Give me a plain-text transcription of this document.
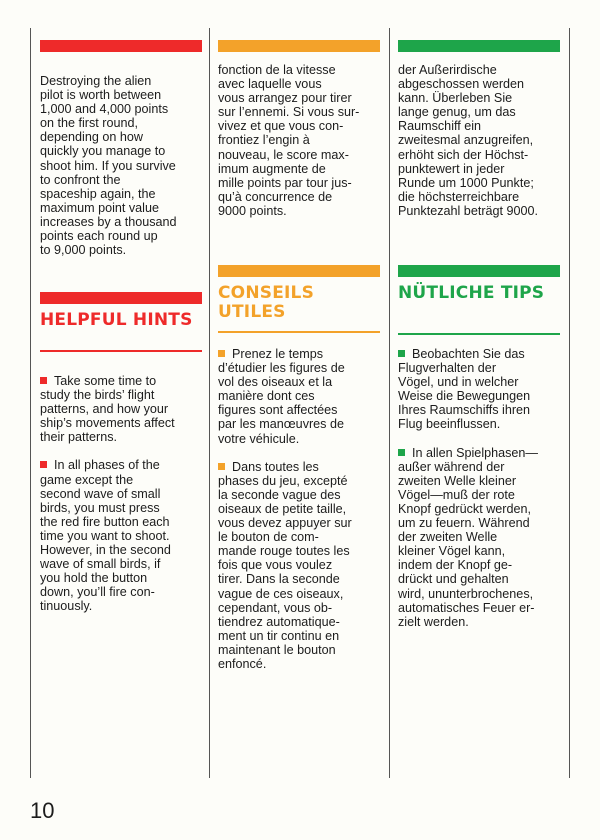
Destroying the alien
pilot is worth between
1,000 and 4,000 points
on the first round,
depending on how
quickly you manage to
shoot him. If you survive
to confront the
spaceship again, the
maximum point value
increases by a thousand
points each round up
to 9,000 points.

HELPFUL HINTS

Take some time to
study the birds’ flight
patterns, and how your
ship’s movements affect
their patterns.

In all phases of the
game except the
second wave of small
birds, you must press
the red fire button each
time you want to shoot.
However, in the second
wave of small birds, if
you hold the button
down, you’ll fire con-
tinuously.

fonction de la vitesse
avec laquelle vous
vous arrangez pour tirer
sur l’ennemi. Si vous sur-
vivez et que vous con-
frontiez l’engin à
nouveau, le score max-
imum augmente de
mille points par tour jus-
qu’à concurrence de
9000 points.

CONSEILS
UTILES

Prenez le temps
d’étudier les figures de
vol des oiseaux et la
manière dont ces
figures sont affectées
par les manœuvres de
votre véhicule.

Dans toutes les
phases du jeu, excepté
la seconde vague des
oiseaux de petite taille,
vous devez appuyer sur
le bouton de com-
mande rouge toutes les
fois que vous voulez
tirer. Dans la seconde
vague de ces oiseaux,
cependant, vous ob-
tiendrez automatique-
ment un tir continu en
maintenant le bouton
enfoncé.

der Außerirdische
abgeschossen werden
kann. Überleben Sie
lange genug, um das
Raumschiff ein
zweitesmal anzugreifen,
erhöht sich der Höchst-
punktewert in jeder
Runde um 1000 Punkte;
die höchsterreichbare
Punktezahl beträgt 9000.

NÜTLICHE TIPS

Beobachten Sie das
Flugverhalten der
Vögel, und in welcher
Weise die Bewegungen
Ihres Raumschiffs ihren
Flug beeinflussen.

In allen Spielphasen—
außer während der
zweiten Welle kleiner
Vögel—muß der rote
Knopf gedrückt werden,
um zu feuern. Während
der zweiten Welle
kleiner Vögel kann,
indem der Knopf ge-
drückt und gehalten
wird, ununterbrochenes,
automatisches Feuer er-
zielt werden.

10
